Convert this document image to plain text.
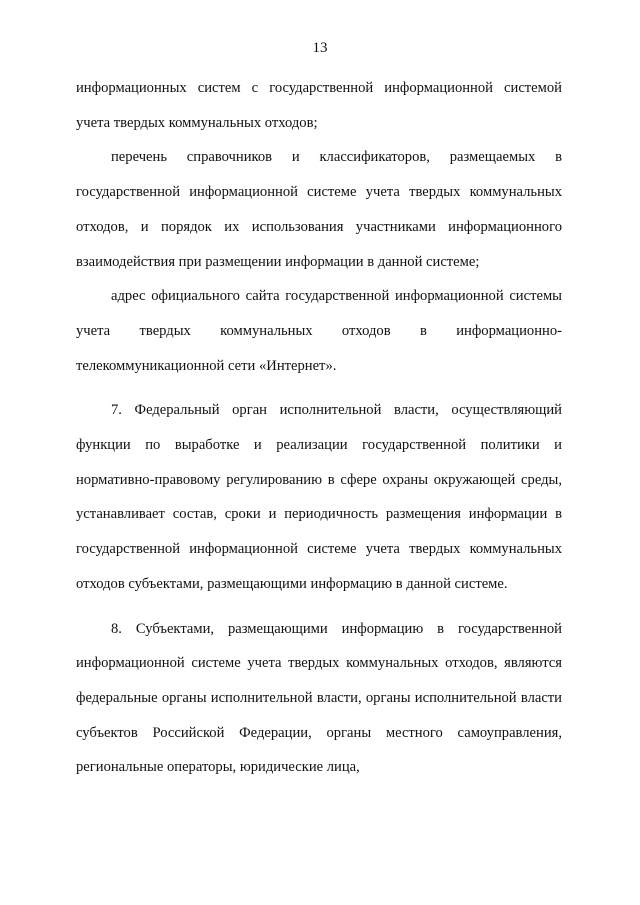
13

информационных систем с государственной информационной системой учета твердых коммунальных отходов;

перечень справочников и классификаторов, размещаемых в государственной информационной системе учета твердых коммунальных отходов, и порядок их использования участниками информационного взаимодействия при размещении информации в данной системе;

адрес официального сайта государственной информационной системы учета твердых коммунальных отходов в информационно-телекоммуникационной сети «Интернет».

7. Федеральный орган исполнительной власти, осуществляющий функции по выработке и реализации государственной политики и нормативно-правовому регулированию в сфере охраны окружающей среды, устанавливает состав, сроки и периодичность размещения информации в государственной информационной системе учета твердых коммунальных отходов субъектами, размещающими информацию в данной системе.

8. Субъектами, размещающими информацию в государственной информационной системе учета твердых коммунальных отходов, являются федеральные органы исполнительной власти, органы исполнительной власти субъектов Российской Федерации, органы местного самоуправления, региональные операторы, юридические лица,
